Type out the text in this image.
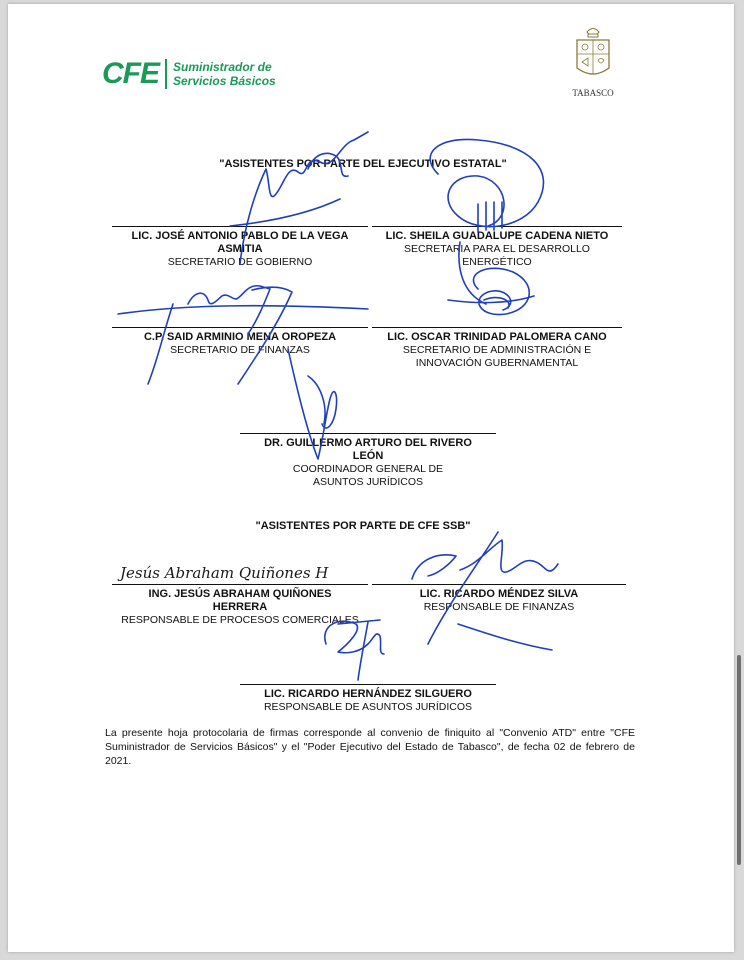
CFE Suministrador de
Servicios Básicos
TABASCO
"ASISTENTES POR PARTE DEL EJECUTIVO ESTATAL"
LIC. JOSÉ ANTONIO PABLO DE LA VEGA ASMITIA
SECRETARIO DE GOBIERNO
LIC. SHEILA GUADALUPE CADENA NIETO
SECRETARIA PARA EL DESARROLLO ENERGÉTICO
C.P. SAID ARMINIO MENA OROPEZA
SECRETARIO DE FINANZAS
LIC. OSCAR TRINIDAD PALOMERA CANO
SECRETARIO DE ADMINISTRACIÓN E INNOVACIÓN GUBERNAMENTAL
DR. GUILLERMO ARTURO DEL RIVERO LEÓN
COORDINADOR GENERAL DE ASUNTOS JURÍDICOS
"ASISTENTES POR PARTE DE CFE SSB"
ING. JESÚS ABRAHAM QUIÑONES HERRERA
RESPONSABLE DE PROCESOS COMERCIALES
LIC. RICARDO MÉNDEZ SILVA
RESPONSABLE DE FINANZAS
LIC. RICARDO HERNÁNDEZ SILGUERO
RESPONSABLE DE ASUNTOS JURÍDICOS
La presente hoja protocolaria de firmas corresponde al convenio de finiquito al "Convenio ATD" entre "CFE Suministrador de Servicios Básicos" y el "Poder Ejecutivo del Estado de Tabasco", de fecha 02 de febrero de 2021.
Jesús Abraham Quiñones H
